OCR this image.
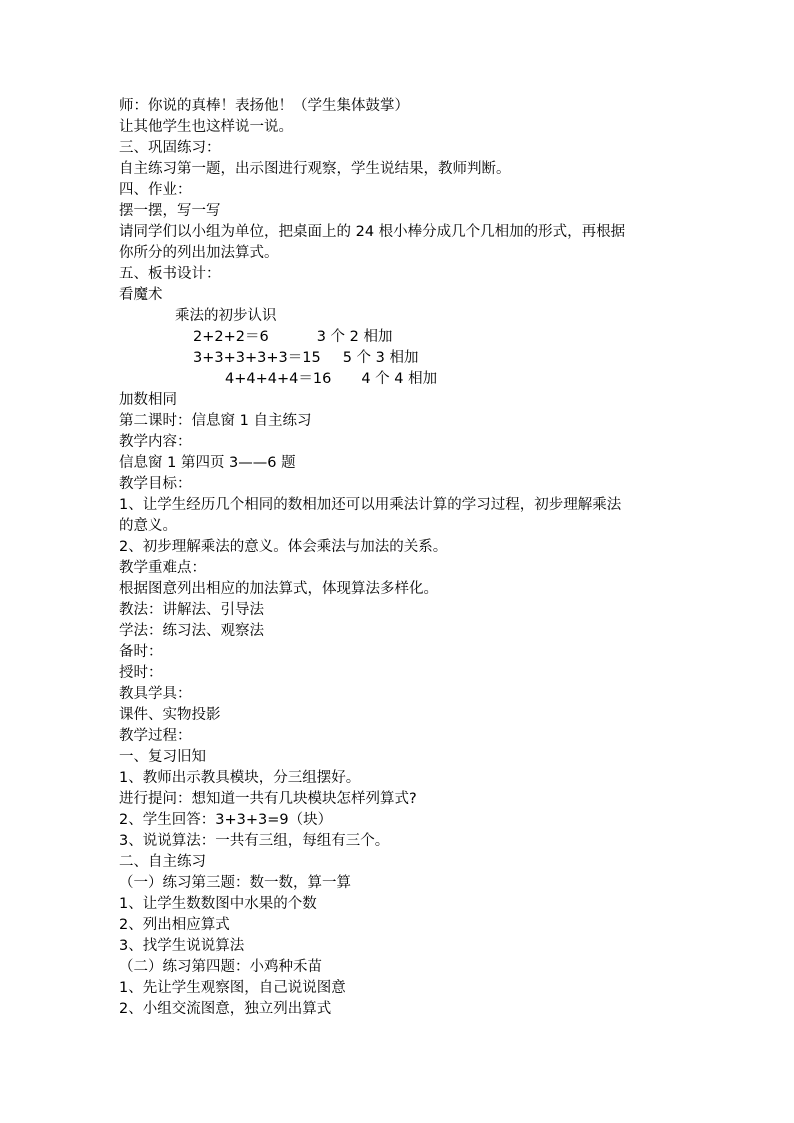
师：你说的真棒！表扬他！（学生集体鼓掌）
让其他学生也这样说一说。
三、巩固练习：
自主练习第一题，出示图进行观察，学生说结果，教师判断。
四、作业：
摆一摆，写一写
请同学们以小组为单位，把桌面上的 24 根小棒分成几个几相加的形式，再根据
你所分的列出加法算式。
五、板书设计：
看魔术
乘法的初步认识
2+2+2＝6	3 个 2 相加
3+3+3+3+3＝15 5 个 3 相加
4+4+4+4＝16 4 个 4 相加
加数相同
第二课时：信息窗 1 自主练习
教学内容：
信息窗 1 第四页 3——6 题
教学目标：
1、让学生经历几个相同的数相加还可以用乘法计算的学习过程，初步理解乘法
的意义。
2、初步理解乘法的意义。体会乘法与加法的关系。
教学重难点：
根据图意列出相应的加法算式，体现算法多样化。
教法：讲解法、引导法
学法：练习法、观察法
备时：
授时：
教具学具：
课件、实物投影
教学过程：
一、复习旧知
1、教师出示教具模块，分三组摆好。
进行提问：想知道一共有几块模块怎样列算式?
2、学生回答：3+3+3=9（块）
3、说说算法：一共有三组，每组有三个。
二、自主练习
（一）练习第三题：数一数，算一算
1、让学生数数图中水果的个数
2、列出相应算式
3、找学生说说算法
（二）练习第四题：小鸡种禾苗
1、先让学生观察图，自己说说图意
2、小组交流图意，独立列出算式
